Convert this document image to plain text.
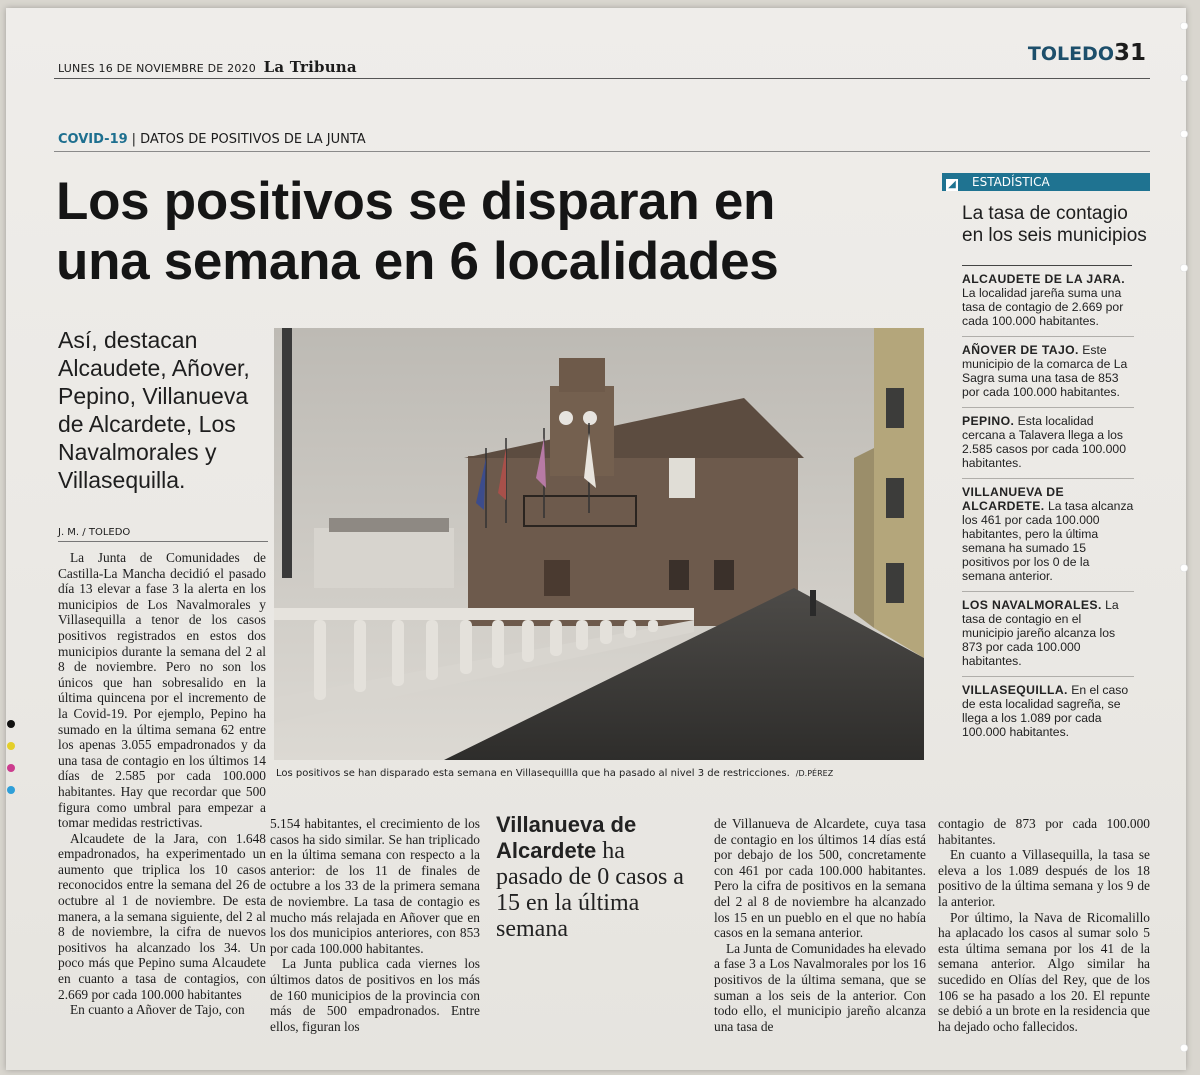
LUNES 16 DE NOVIEMBRE DE 2020 La Tribuna
TOLEDO31
COVID-19 | DATOS DE POSITIVOS DE LA JUNTA
Los positivos se disparan en una semana en 6 localidades
Así, destacan Alcaudete, Añover, Pepino, Villanueva de Alcardete, Los Navalmorales y Villasequilla.
J. M. / TOLEDO

La Junta de Comunidades de Castilla-La Mancha decidió el pasado día 13 elevar a fase 3 la alerta en los municipios de Los Navalmorales y Villasequilla a tenor de los casos positivos registrados en estos dos municipios durante la semana del 2 al 8 de noviembre. Pero no son los únicos que han sobresalido en la última quincena por el incremento de la Covid-19. Por ejemplo, Pepino ha sumado en la última semana 62 entre los apenas 3.055 empadronados y da una tasa de contagio en los últimos 14 días de 2.585 por cada 100.000 habitantes. Hay que recordar que 500 figura como umbral para empezar a tomar medidas restrictivas.

Alcaudete de la Jara, con 1.648 empadronados, ha experimentado un aumento que triplica los 10 casos reconocidos entre la semana del 26 de octubre al 1 de noviembre. De esta manera, a la semana siguiente, del 2 al 8 de noviembre, la cifra de nuevos positivos ha alcanzado los 34. Un poco más que Pepino suma Alcaudete en cuanto a tasa de contagios, con 2.669 por cada 100.000 habitantes

En cuanto a Añover de Tajo, con

Los positivos se han disparado esta semana en Villasequillla que ha pasado al nivel 3 de restricciones. /D.PÉREZ

5.154 habitantes, el crecimiento de los casos ha sido similar. Se han triplicado en la última semana con respecto a la anterior: de los 11 de finales de octubre a los 33 de la primera semana de noviembre. La tasa de contagio es mucho más relajada en Añover que en los dos municipios anteriores, con 853 por cada 100.000 habitantes.

La Junta publica cada viernes los últimos datos de positivos en los más de 160 municipios de la provincia con más de 500 empadronados. Entre ellos, figuran los

Villanueva de Alcardete ha pasado de 0 casos a 15 en la última semana

de Villanueva de Alcardete, cuya tasa de contagio en los últimos 14 días está por debajo de los 500, concretamente con 461 por cada 100.000 habitantes. Pero la cifra de positivos en la semana del 2 al 8 de noviembre ha alcanzado los 15 en un pueblo en el que no había casos en la semana anterior.

La Junta de Comunidades ha elevado a fase 3 a Los Navalmorales por los 16 positivos de la última semana, que se suman a los seis de la anterior. Con todo ello, el municipio jareño alcanza una tasa de

contagio de 873 por cada 100.000 habitantes.

En cuanto a Villasequilla, la tasa se eleva a los 1.089 después de los 18 positivo de la última semana y los 9 de la anterior.

Por último, la Nava de Ricomalillo ha aplacado los casos al sumar solo 5 esta última semana por los 41 de la semana anterior. Algo similar ha sucedido en Olías del Rey, que de los 106 se ha pasado a los 20. El repunte se debió a un brote en la residencia que ha dejado ocho fallecidos.

◢ ESTADÍSTICA
La tasa de contagio en los seis municipios
ALCAUDETE DE LA JARA. La localidad jareña suma una tasa de contagio de 2.669 por cada 100.000 habitantes.
AÑOVER DE TAJO. Este municipio de la comarca de La Sagra suma una tasa de 853 por cada 100.000 habitantes.
PEPINO. Esta localidad cercana a Talavera llega a los 2.585 casos por cada 100.000 habitantes.
VILLANUEVA DE ALCARDETE. La tasa alcanza los 461 por cada 100.000 habitantes, pero la última semana ha sumado 15 positivos por los 0 de la semana anterior.
LOS NAVALMORALES. La tasa de contagio en el municipio jareño alcanza los 873 por cada 100.000 habitantes.
VILLASEQUILLA. En el caso de esta localidad sagreña, se llega a los 1.089 por cada 100.000 habitantes.
